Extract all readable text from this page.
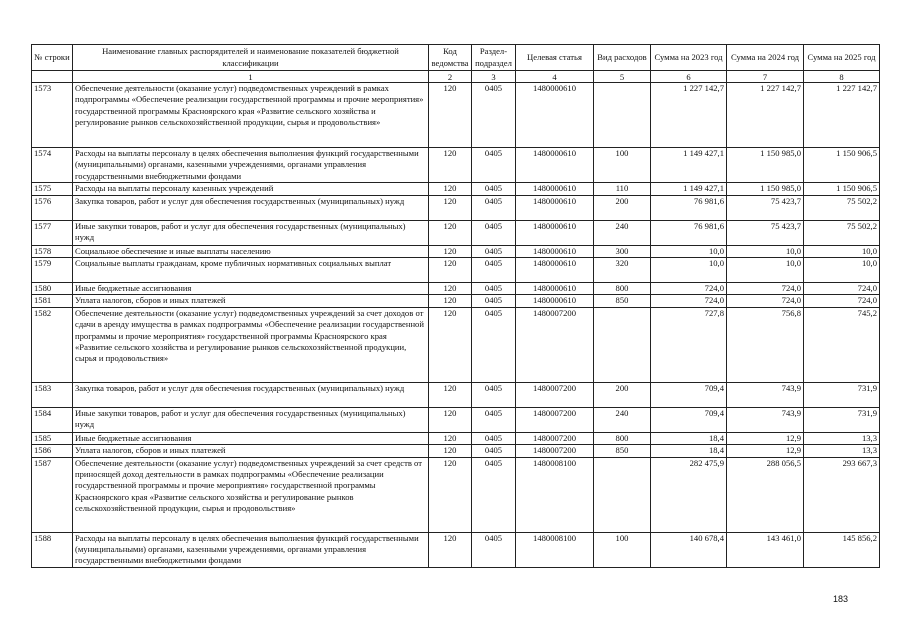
№ строки	Наименование главных распорядителей и наименование показателей бюджетной классификации	Код ведомства	Раздел-подраздел	Целевая статья	Вид расходов	Сумма на 2023 год	Сумма на 2024 год	Сумма на 2025 год
	1	2	3	4	5	6	7	8
1573	Обеспечение деятельности (оказание услуг) подведомственных учреждений в рамках подпрограммы «Обеспечение реализации государственной программы и прочие мероприятия» государственной программы Красноярского края «Развитие сельского хозяйства и регулирование рынков сельскохозяйственной продукции, сырья и продовольствия»	120	0405	1480000610		1 227 142,7	1 227 142,7	1 227 142,7
1574	Расходы на выплаты персоналу в целях обеспечения выполнения функций государственными (муниципальными) органами, казенными учреждениями, органами управления государственными внебюджетными фондами	120	0405	1480000610	100	1 149 427,1	1 150 985,0	1 150 906,5
1575	Расходы на выплаты персоналу казенных учреждений	120	0405	1480000610	110	1 149 427,1	1 150 985,0	1 150 906,5
1576	Закупка товаров, работ и услуг для обеспечения государственных (муниципальных) нужд	120	0405	1480000610	200	76 981,6	75 423,7	75 502,2
1577	Иные закупки товаров, работ и услуг для обеспечения государственных (муниципальных) нужд	120	0405	1480000610	240	76 981,6	75 423,7	75 502,2
1578	Социальное обеспечение и иные выплаты населению	120	0405	1480000610	300	10,0	10,0	10,0
1579	Социальные выплаты гражданам, кроме публичных нормативных социальных выплат	120	0405	1480000610	320	10,0	10,0	10,0
1580	Иные бюджетные ассигнования	120	0405	1480000610	800	724,0	724,0	724,0
1581	Уплата налогов, сборов и иных платежей	120	0405	1480000610	850	724,0	724,0	724,0
1582	Обеспечение деятельности (оказание услуг) подведомственных учреждений за счет доходов от сдачи в аренду имущества в рамках подпрограммы «Обеспечение реализации государственной программы и прочие мероприятия» государственной программы Красноярского края «Развитие сельского хозяйства и регулирование рынков сельскохозяйственной продукции, сырья и продовольствия»	120	0405	1480007200		727,8	756,8	745,2
1583	Закупка товаров, работ и услуг для обеспечения государственных (муниципальных) нужд	120	0405	1480007200	200	709,4	743,9	731,9
1584	Иные закупки товаров, работ и услуг для обеспечения государственных (муниципальных) нужд	120	0405	1480007200	240	709,4	743,9	731,9
1585	Иные бюджетные ассигнования	120	0405	1480007200	800	18,4	12,9	13,3
1586	Уплата налогов, сборов и иных платежей	120	0405	1480007200	850	18,4	12,9	13,3
1587	Обеспечение деятельности (оказание услуг) подведомственных учреждений за счет средств от приносящей доход деятельности в рамках подпрограммы «Обеспечение реализации государственной программы и прочие мероприятия» государственной программы Красноярского края «Развитие сельского хозяйства и регулирование рынков сельскохозяйственной продукции, сырья и продовольствия»	120	0405	1480008100		282 475,9	288 056,5	293 667,3
1588	Расходы на выплаты персоналу в целях обеспечения выполнения функций государственными (муниципальными) органами, казенными учреждениями, органами управления государственными внебюджетными фондами	120	0405	1480008100	100	140 678,4	143 461,0	145 856,2
183
